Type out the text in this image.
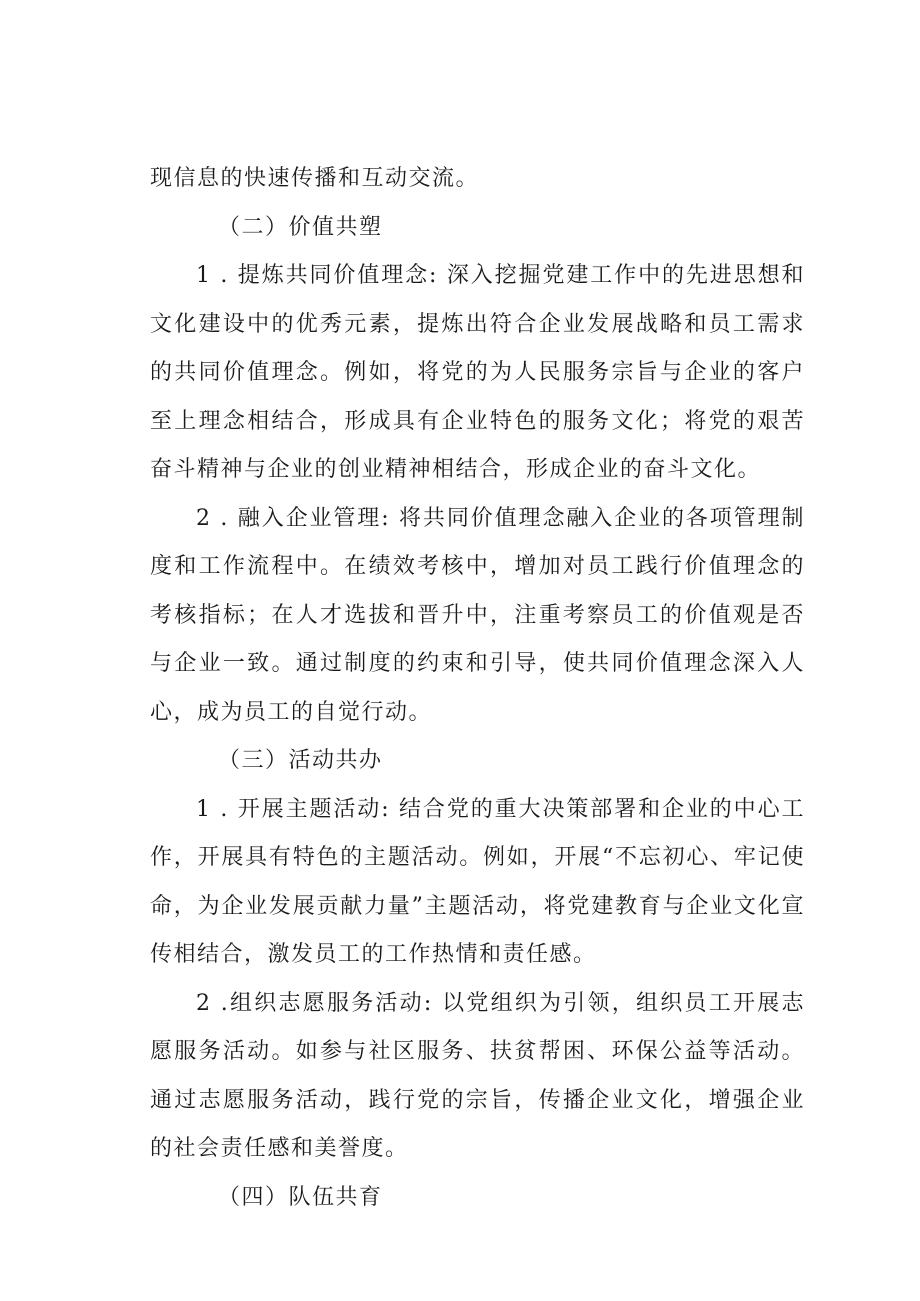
现信息的快速传播和互动交流。

（二）价值共塑

1 . 提炼共同价值理念: 深入挖掘党建工作中的先进思想和文化建设中的优秀元素，提炼出符合企业发展战略和员工需求的共同价值理念。例如，将党的为人民服务宗旨与企业的客户至上理念相结合，形成具有企业特色的服务文化；将党的艰苦奋斗精神与企业的创业精神相结合，形成企业的奋斗文化。

2 . 融入企业管理: 将共同价值理念融入企业的各项管理制度和工作流程中。在绩效考核中，增加对员工践行价值理念的考核指标；在人才选拔和晋升中，注重考察员工的价值观是否与企业一致。通过制度的约束和引导，使共同价值理念深入人心，成为员工的自觉行动。

（三）活动共办

1 . 开展主题活动: 结合党的重大决策部署和企业的中心工作，开展具有特色的主题活动。例如，开展“不忘初心、牢记使命，为企业发展贡献力量”主题活动，将党建教育与企业文化宣传相结合，激发员工的工作热情和责任感。

2 .组织志愿服务活动: 以党组织为引领，组织员工开展志愿服务活动。如参与社区服务、扶贫帮困、环保公益等活动。通过志愿服务活动，践行党的宗旨，传播企业文化，增强企业的社会责任感和美誉度。

（四）队伍共育
